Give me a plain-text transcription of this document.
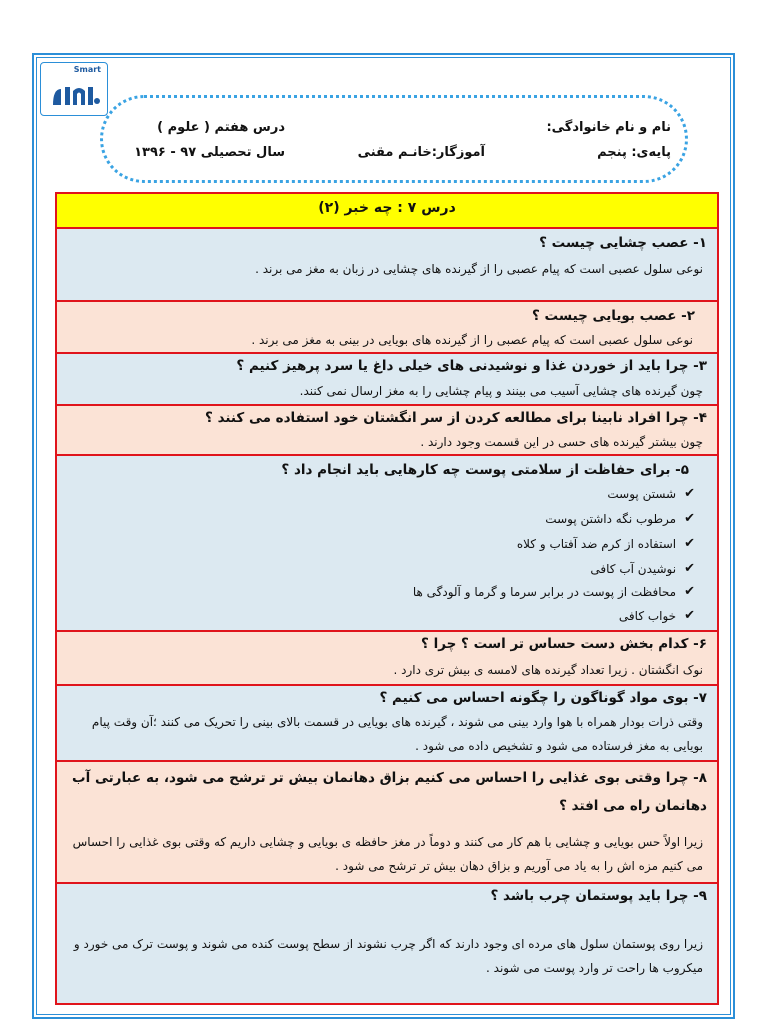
Smart
نام و نام خانوادگی:
درس هفتم ( علوم )
پایه‌ی: پنجم
آموزگار:خانـم مقنی
سال تحصیلی ۹۷ - ۱۳۹۶
درس ۷ : چه خبر (۲)
۱- عصب چشایی چیست ؟
نوعی سلول عصبی است که پیام عصبی را از گیرنده های چشایی در زبان به مغز می برند .
۲- عصب بویایی چیست ؟
نوعی سلول عصبی است که پیام عصبی را از گیرنده های بویایی در بینی به مغز می برند .
۳- چرا باید از خوردن غذا و نوشیدنی های خیلی داغ یا سرد پرهیز کنیم ؟
چون گیرنده های چشایی آسیب می بینند و پیام چشایی را به مغز ارسال نمی کنند.
۴- چرا افراد نابینا برای مطالعه کردن از سر انگشتان خود استفاده می کنند ؟
چون بیشتر گیرنده های حسی در این قسمت وجود دارند .
۵- برای حفاظت از سلامتی پوست چه کارهایی باید انجام داد ؟
✔
شستن پوست
✔
مرطوب نگه داشتن پوست
✔
استفاده از کرم ضد آفتاب و کلاه
✔
نوشیدن آب کافی
✔
محافظت از پوست در برابر سرما و گرما و آلودگی ها
✔
خواب کافی
۶- کدام بخش دست حساس تر است ؟ چرا ؟
نوک انگشتان . زیرا تعداد گیرنده های لامسه ی بیش تری دارد .
۷- بوی مواد گوناگون را چگونه احساس می کنیم ؟
وقتی ذرات بودار همراه با هوا وارد بینی می شوند ، گیرنده های بویایی در قسمت بالای بینی را تحریک می کنند ؛آن وقت پیام بویایی به مغز فرستاده می شود و تشخیص داده می شود .
۸- چرا وقتی بوی غذایی را احساس می کنیم بزاق دهانمان بیش تر ترشح می شود، به عبارتی آب دهانمان راه می افتد ؟
زیرا اولاً حس بویایی و چشایی با هم کار می کنند و دوماً در مغز حافظه ی بویایی و چشایی داریم که وقتی بوی غذایی را احساس می کنیم مزه اش را به یاد می آوریم و بزاق دهان بیش تر ترشح می شود .
۹- چرا باید پوستمان چرب باشد ؟
زیرا روی پوستمان سلول های مرده ای وجود دارند که اگر چرب نشوند از سطح پوست کنده می شوند و پوست ترک می خورد و میکروب ها راحت تر وارد پوست می شوند .
